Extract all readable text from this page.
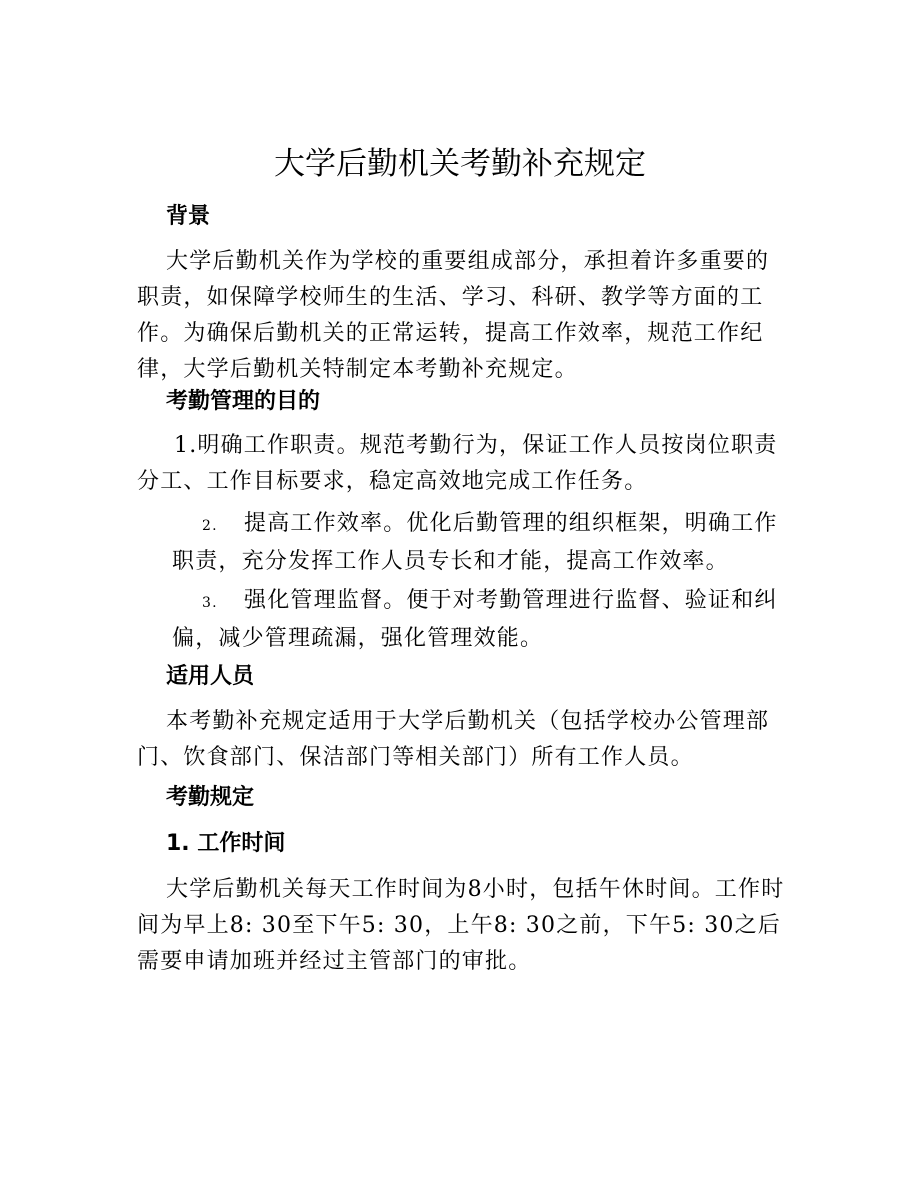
大学后勤机关考勤补充规定
背景

大学后勤机关作为学校的重要组成部分，承担着许多重要的职责，如保障学校师生的生活、学习、科研、教学等方面的工作。为确保后勤机关的正常运转，提高工作效率，规范工作纪律，大学后勤机关特制定本考勤补充规定。

考勤管理的目的

1.明确工作职责。规范考勤行为，保证工作人员按岗位职责分工、工作目标要求，稳定高效地完成工作任务。

2. 提高工作效率。优化后勤管理的组织框架，明确工作职责，充分发挥工作人员专长和才能，提高工作效率。

3. 强化管理监督。便于对考勤管理进行监督、验证和纠偏，减少管理疏漏，强化管理效能。

适用人员

本考勤补充规定适用于大学后勤机关（包括学校办公管理部门、饮食部门、保洁部门等相关部门）所有工作人员。

考勤规定
1. 工作时间

大学后勤机关每天工作时间为8小时，包括午休时间。工作时间为早上8: 30至下午5: 30，上午8: 30之前，下午5: 30之后需要申请加班并经过主管部门的审批。
